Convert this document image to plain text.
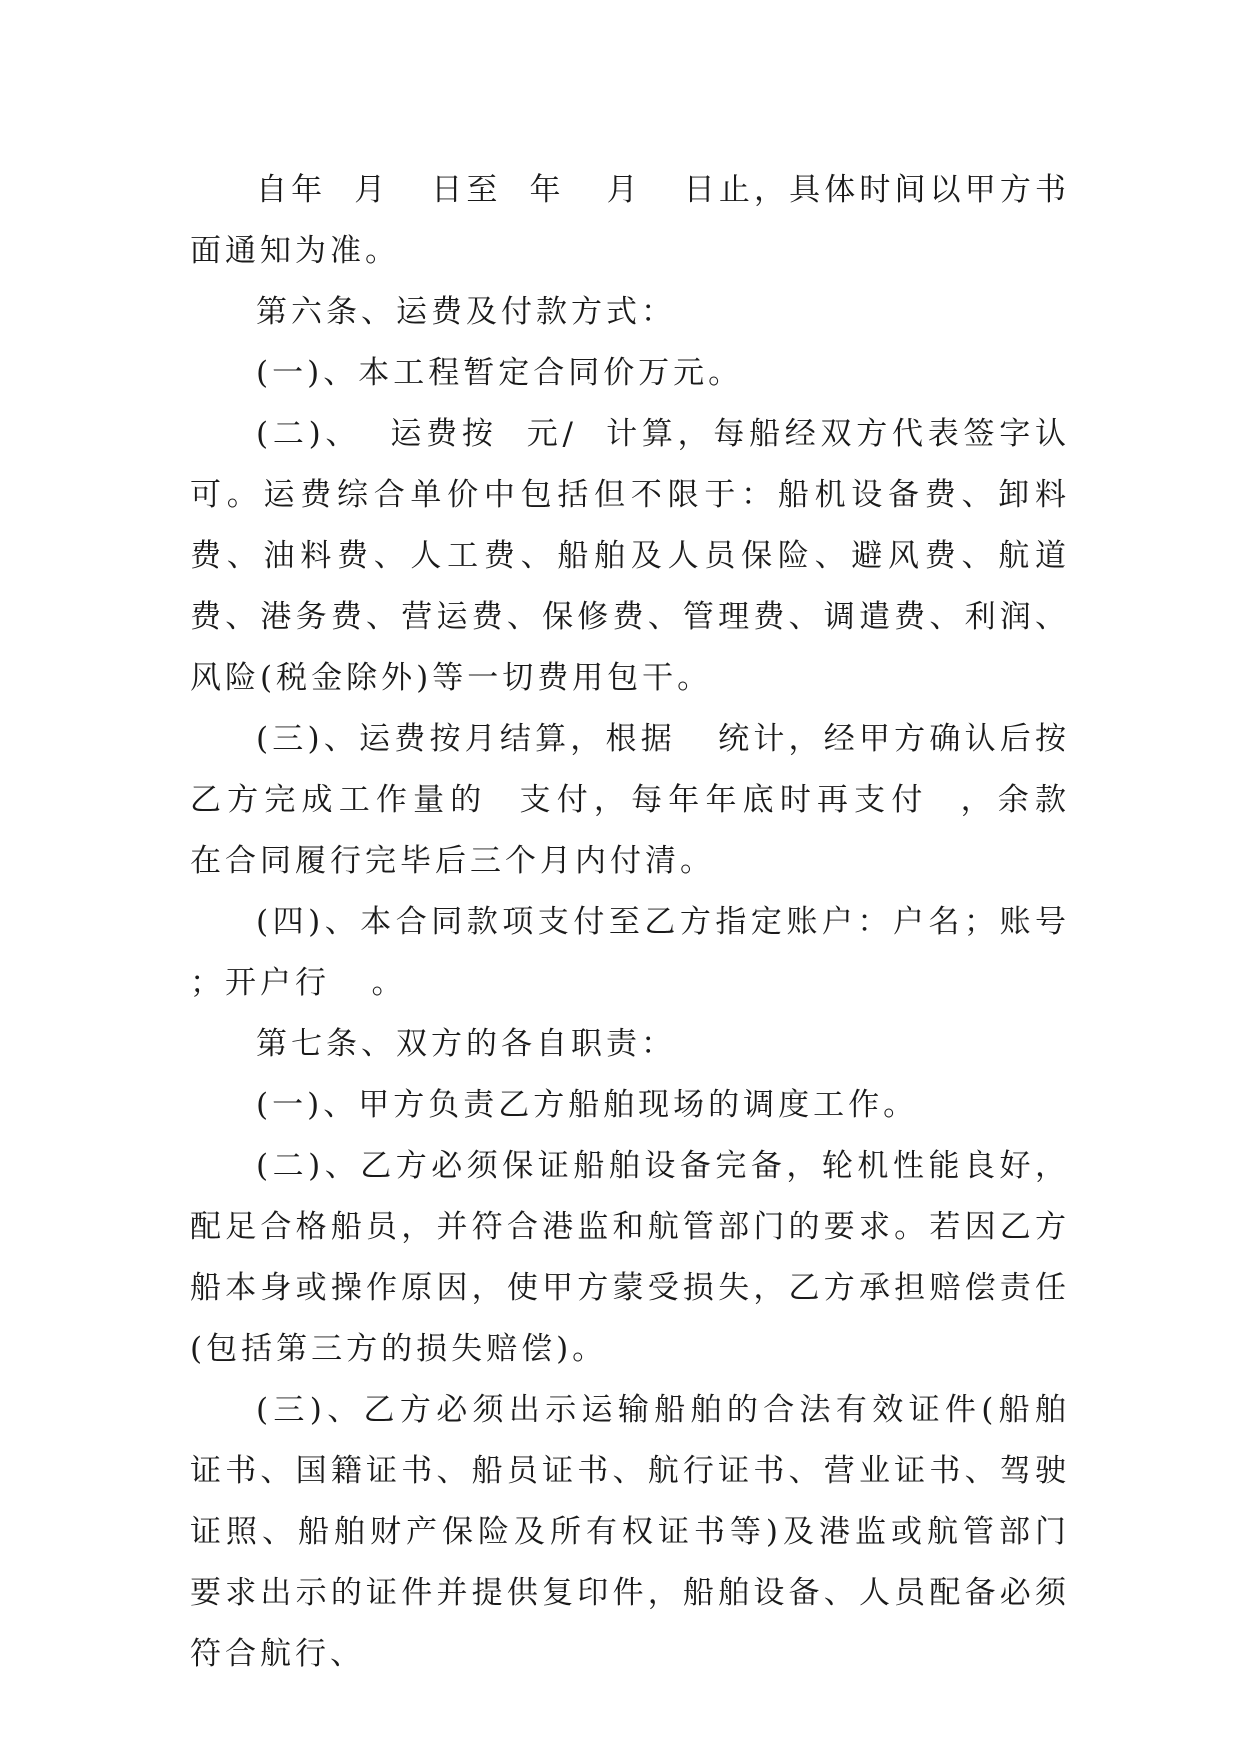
自年  月   日至  年   月   日止，具体时间以甲方书面通知为准。

第六条、运费及付款方式：

(一)、本工程暂定合同价万元。

(二)、  运费按  元/  计算，每船经双方代表签字认可。运费综合单价中包括但不限于：船机设备费、卸料费、油料费、人工费、船舶及人员保险、避风费、航道费、港务费、营运费、保修费、管理费、调遣费、利润、风险(税金除外)等一切费用包干。

(三)、运费按月结算，根据   统计，经甲方确认后按乙方完成工作量的  支付，每年年底时再支付  ，余款  在合同履行完毕后三个月内付清。

(四)、本合同款项支付至乙方指定账户：户名；账号   ；开户行   。

第七条、双方的各自职责：

(一)、甲方负责乙方船舶现场的调度工作。

(二)、乙方必须保证船舶设备完备，轮机性能良好，配足合格船员，并符合港监和航管部门的要求。若因乙方船本身或操作原因，使甲方蒙受损失，乙方承担赔偿责任(包括第三方的损失赔偿)。

(三)、乙方必须出示运输船舶的合法有效证件(船舶证书、国籍证书、船员证书、航行证书、营业证书、驾驶证照、船舶财产保险及所有权证书等)及港监或航管部门要求出示的证件并提供复印件，船舶设备、人员配备必须符合航行、
